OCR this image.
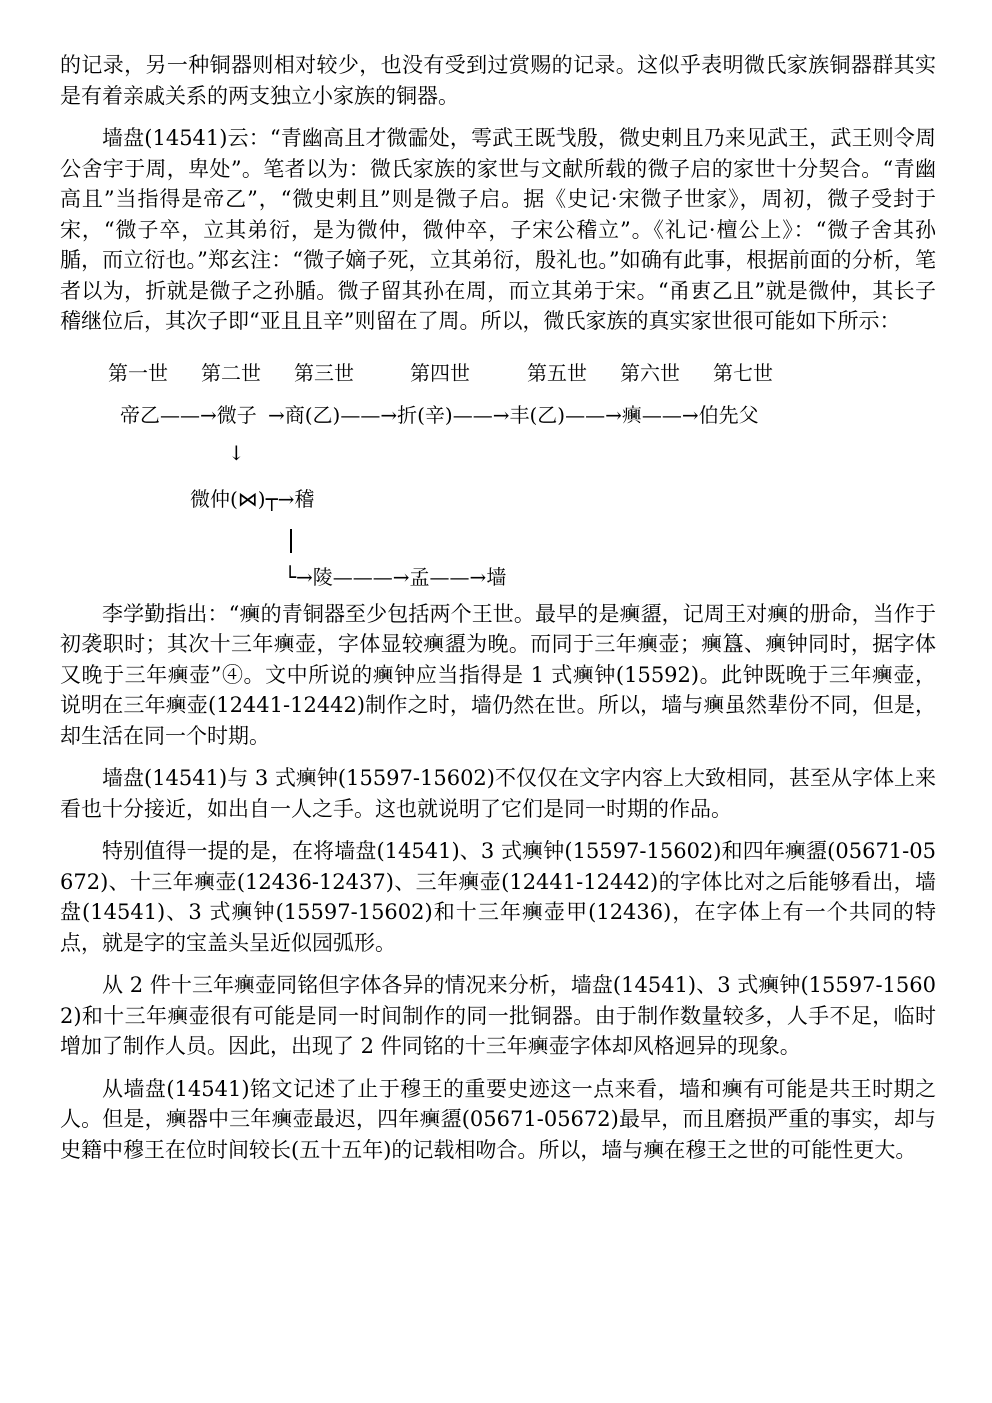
的记录，另一种铜器则相对较少，也没有受到过赏赐的记录。这似乎表明微氏家族铜器群其实是有着亲戚关系的两支独立小家族的铜器。

墙盘(14541)云：“青幽高且才微霝处，雩武王既𢦏殷，微史剌且乃来见武王，武王则令周公舍宇于周，卑处”。笔者以为：微氏家族的家世与文献所载的微子启的家世十分契合。“青幽高且”当指得是帝乙”，“微史剌且”则是微子启。据《史记·宋微子世家》，周初，微子受封于宋，“微子卒，立其弟衍，是为微仲，微仲卒，子宋公稽立”。《礼记·檀公上》：“微子舍其孙腯，而立衍也。”郑玄注：“微子嫡子死，立其弟衍，殷礼也。”如确有此事，根据前面的分析，笔者以为，折就是微子之孙腯。微子留其孙在周，而立其弟于宋。“甬叀乙且”就是微仲，其长子稽继位后，其次子即“亚且且辛”则留在了周。所以，微氏家族的真实家世很可能如下所示：

第一世 第二世 第三世	第四世	第五世 第六世 第七世
帝乙——→微子 →商(乙)——→折(辛)——→丰(乙)——→𤼈——→伯先父
↓
微仲(⋈)┬→稽
└→陵———→孟——→墙

李学勤指出：“𤼈的青铜器至少包括两个王世。最早的是𤼈盨，记周王对𤼈的册命，当作于初袭职时；其次十三年𤼈壶，字体显较𤼈盨为晚。而同于三年𤼈壶；𤼈簋、𤼈钟同时，据字体又晚于三年𤼈壶”④。文中所说的𤼈钟应当指得是 1 式𤼈钟(15592)。此钟既晚于三年𤼈壶，说明在三年𤼈壶(12441-12442)制作之时，墙仍然在世。所以，墙与𤼈虽然辈份不同，但是，却生活在同一个时期。

墙盘(14541)与 3 式𤼈钟(15597-15602)不仅仅在文字内容上大致相同，甚至从字体上来看也十分接近，如出自一人之手。这也就说明了它们是同一时期的作品。

特别值得一提的是，在将墙盘(14541)、3 式𤼈钟(15597-15602)和四年𤼈盨(05671-05672)、十三年𤼈壶(12436-12437)、三年𤼈壶(12441-12442)的字体比对之后能够看出，墙盘(14541)、3 式𤼈钟(15597-15602)和十三年𤼈壶甲(12436)，在字体上有一个共同的特点，就是字的宝盖头呈近似园弧形。

从 2 件十三年𤼈壶同铭但字体各异的情况来分析，墙盘(14541)、3 式𤼈钟(15597-15602)和十三年𤼈壶很有可能是同一时间制作的同一批铜器。由于制作数量较多，人手不足，临时增加了制作人员。因此，出现了 2 件同铭的十三年𤼈壶字体却风格迥异的现象。

从墙盘(14541)铭文记述了止于穆王的重要史迹这一点来看，墙和𤼈有可能是共王时期之人。但是，𤼈器中三年𤼈壶最迟，四年𤼈盨(05671-05672)最早，而且磨损严重的事实，却与史籍中穆王在位时间较长(五十五年)的记载相吻合。所以，墙与𤼈在穆王之世的可能性更大。
